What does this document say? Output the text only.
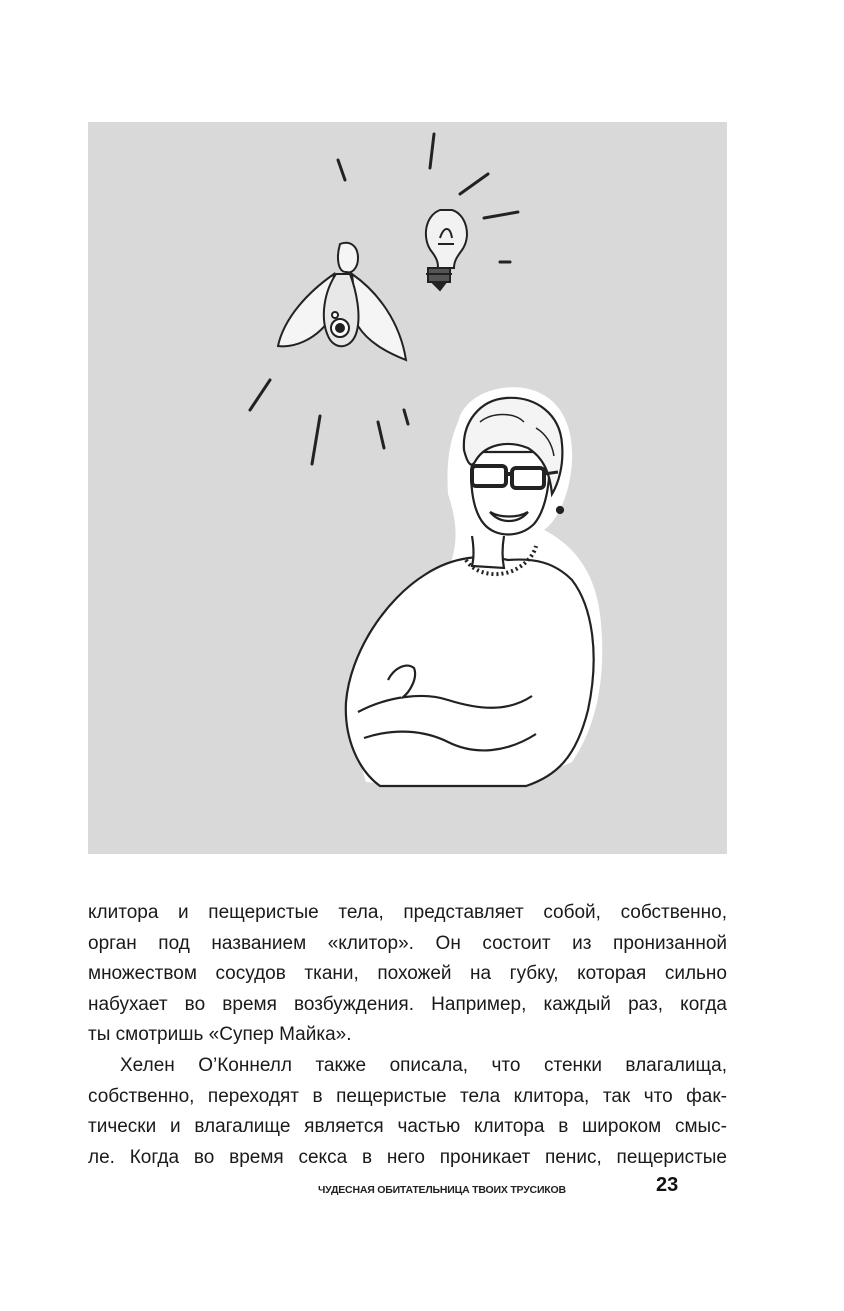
клитора и пещеристые тела, представляет собой, собственно,
орган под названием «клитор». Он состоит из пронизанной
множеством сосудов ткани, похожей на губку, которая сильно
набухает во время возбуждения. Например, каждый раз, когда
ты смотришь «Супер Майка».

Хелен О’Коннелл также описала, что стенки влагалища,
собственно, переходят в пещеристые тела клитора, так что фак-
тически и влагалище является частью клитора в широком смыс-
ле. Когда во время секса в него проникает пенис, пещеристые

ЧУДЕСНАЯ ОБИТАТЕЛЬНИЦА ТВОИХ ТРУСИКОВ	23
